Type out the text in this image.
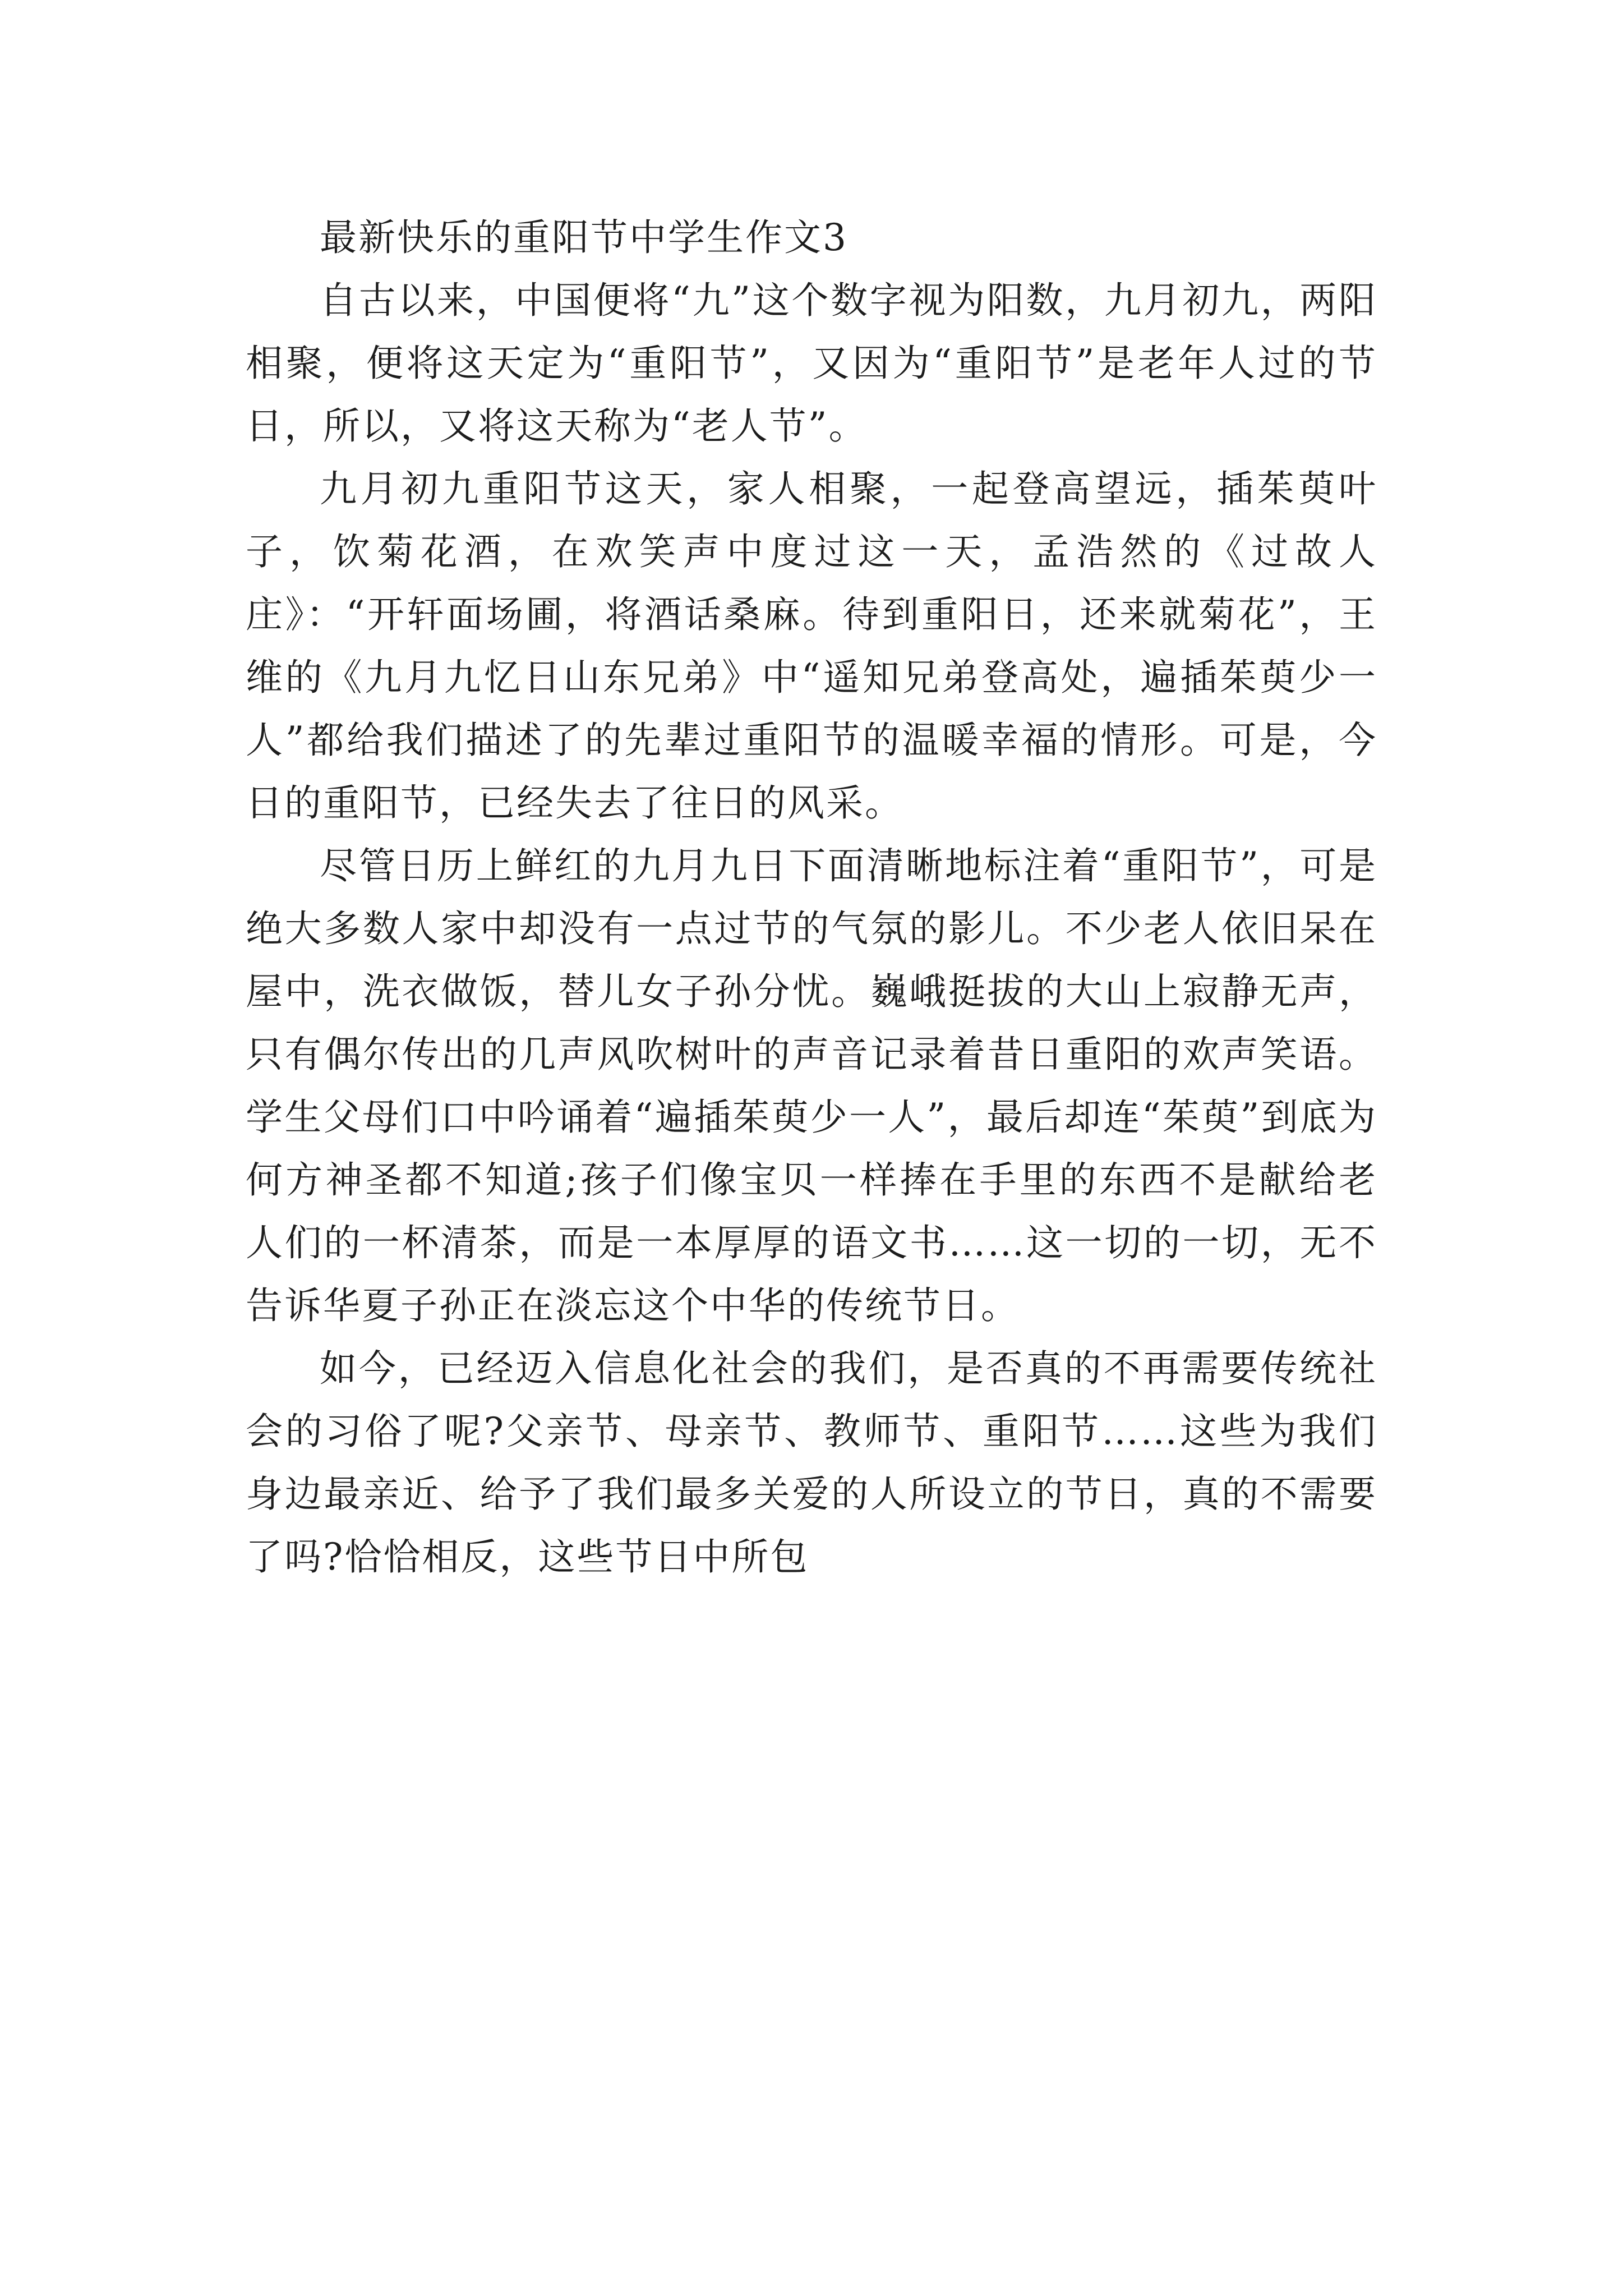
最新快乐的重阳节中学生作文3

自古以来，中国便将“九”这个数字视为阳数，九月初九，两阳相聚，便将这天定为“重阳节”，又因为“重阳节”是老年人过的节日，所以，又将这天称为“老人节”。

九月初九重阳节这天，家人相聚，一起登高望远，插茱萸叶子，饮菊花酒，在欢笑声中度过这一天，孟浩然的《过故人庄》：“开轩面场圃，将酒话桑麻。待到重阳日，还来就菊花”，王维的《九月九忆日山东兄弟》中“遥知兄弟登高处，遍插茱萸少一人”都给我们描述了的先辈过重阳节的温暖幸福的情形。可是，今日的重阳节，已经失去了往日的风采。

尽管日历上鲜红的九月九日下面清晰地标注着“重阳节”，可是绝大多数人家中却没有一点过节的气氛的影儿。不少老人依旧呆在屋中，洗衣做饭，替儿女子孙分忧。巍峨挺拔的大山上寂静无声，只有偶尔传出的几声风吹树叶的声音记录着昔日重阳的欢声笑语。学生父母们口中吟诵着“遍插茱萸少一人”，最后却连“茱萸”到底为何方神圣都不知道;孩子们像宝贝一样捧在手里的东西不是献给老人们的一杯清茶，而是一本厚厚的语文书……这一切的一切，无不告诉华夏子孙正在淡忘这个中华的传统节日。

如今，已经迈入信息化社会的我们，是否真的不再需要传统社会的习俗了呢?父亲节、母亲节、教师节、重阳节……这些为我们身边最亲近、给予了我们最多关爱的人所设立的节日，真的不需要了吗?恰恰相反，这些节日中所包
